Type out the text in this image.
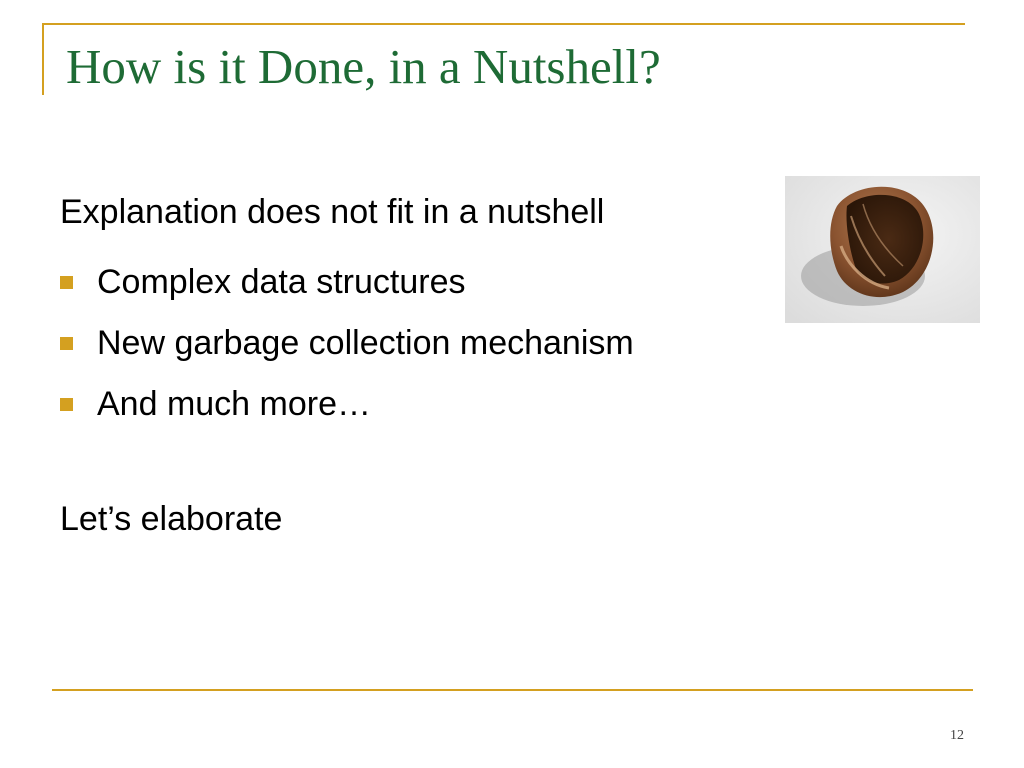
How is it Done, in a Nutshell?
Explanation does not fit in a nutshell
Complex data structures
New garbage collection mechanism
And much more…
Let’s elaborate
12
